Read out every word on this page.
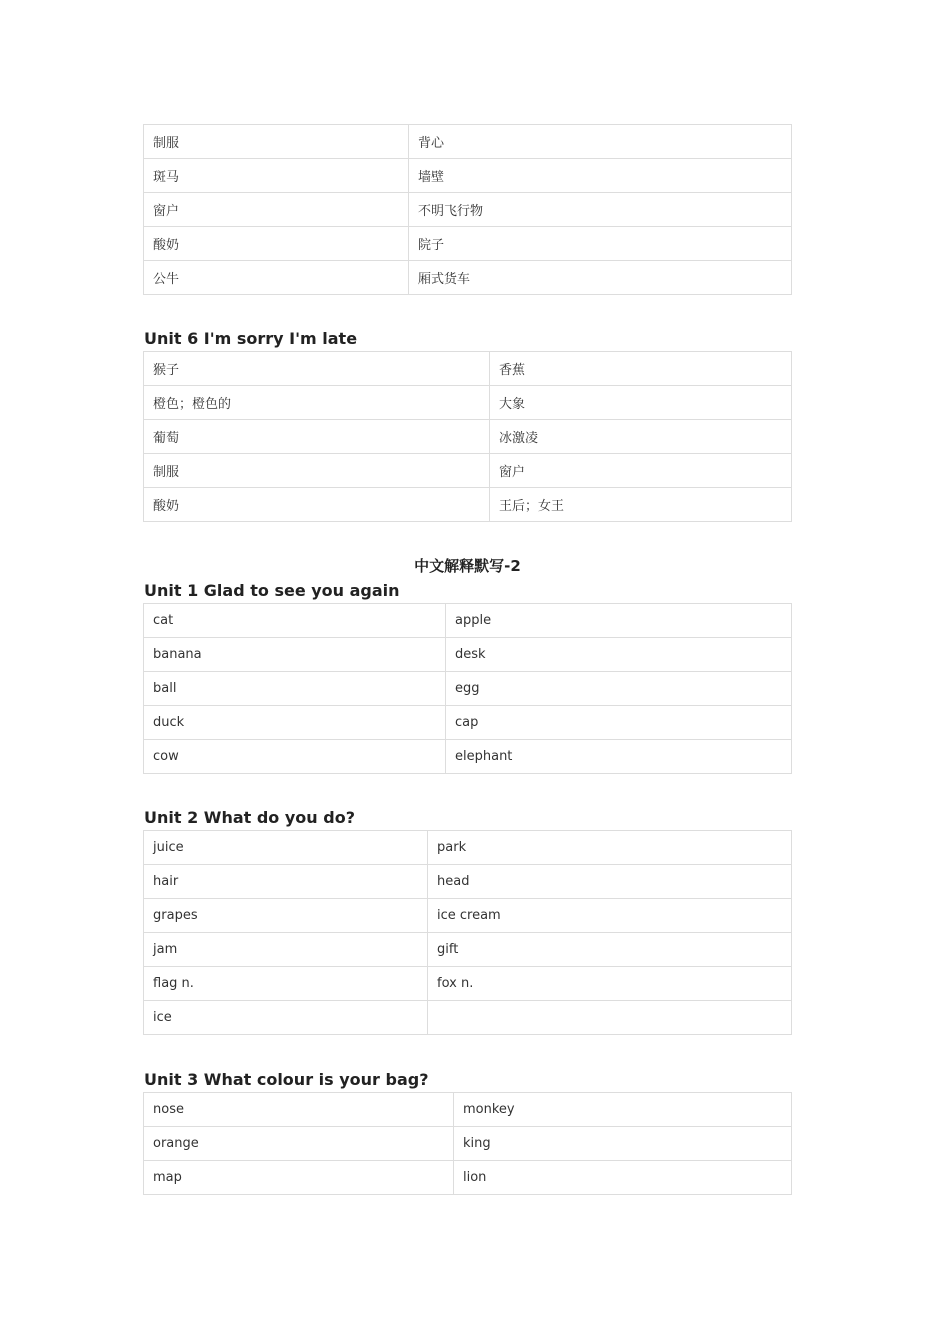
制服	背心
斑马	墙壁
窗户	不明飞行物
酸奶	院子
公牛	厢式货车
Unit 6 I'm sorry I'm late
猴子	香蕉
橙色；橙色的	大象
葡萄	冰激凌
制服	窗户
酸奶	王后；女王
中文解释默写-2
Unit 1 Glad to see you again
cat	apple
banana	desk
ball	egg
duck	cap
cow	elephant
Unit 2 What do you do?
juice	park
hair	head
grapes	ice cream
jam	gift
flag n.	fox n.
ice	
Unit 3 What colour is your bag?
nose	monkey
orange	king
map	lion
